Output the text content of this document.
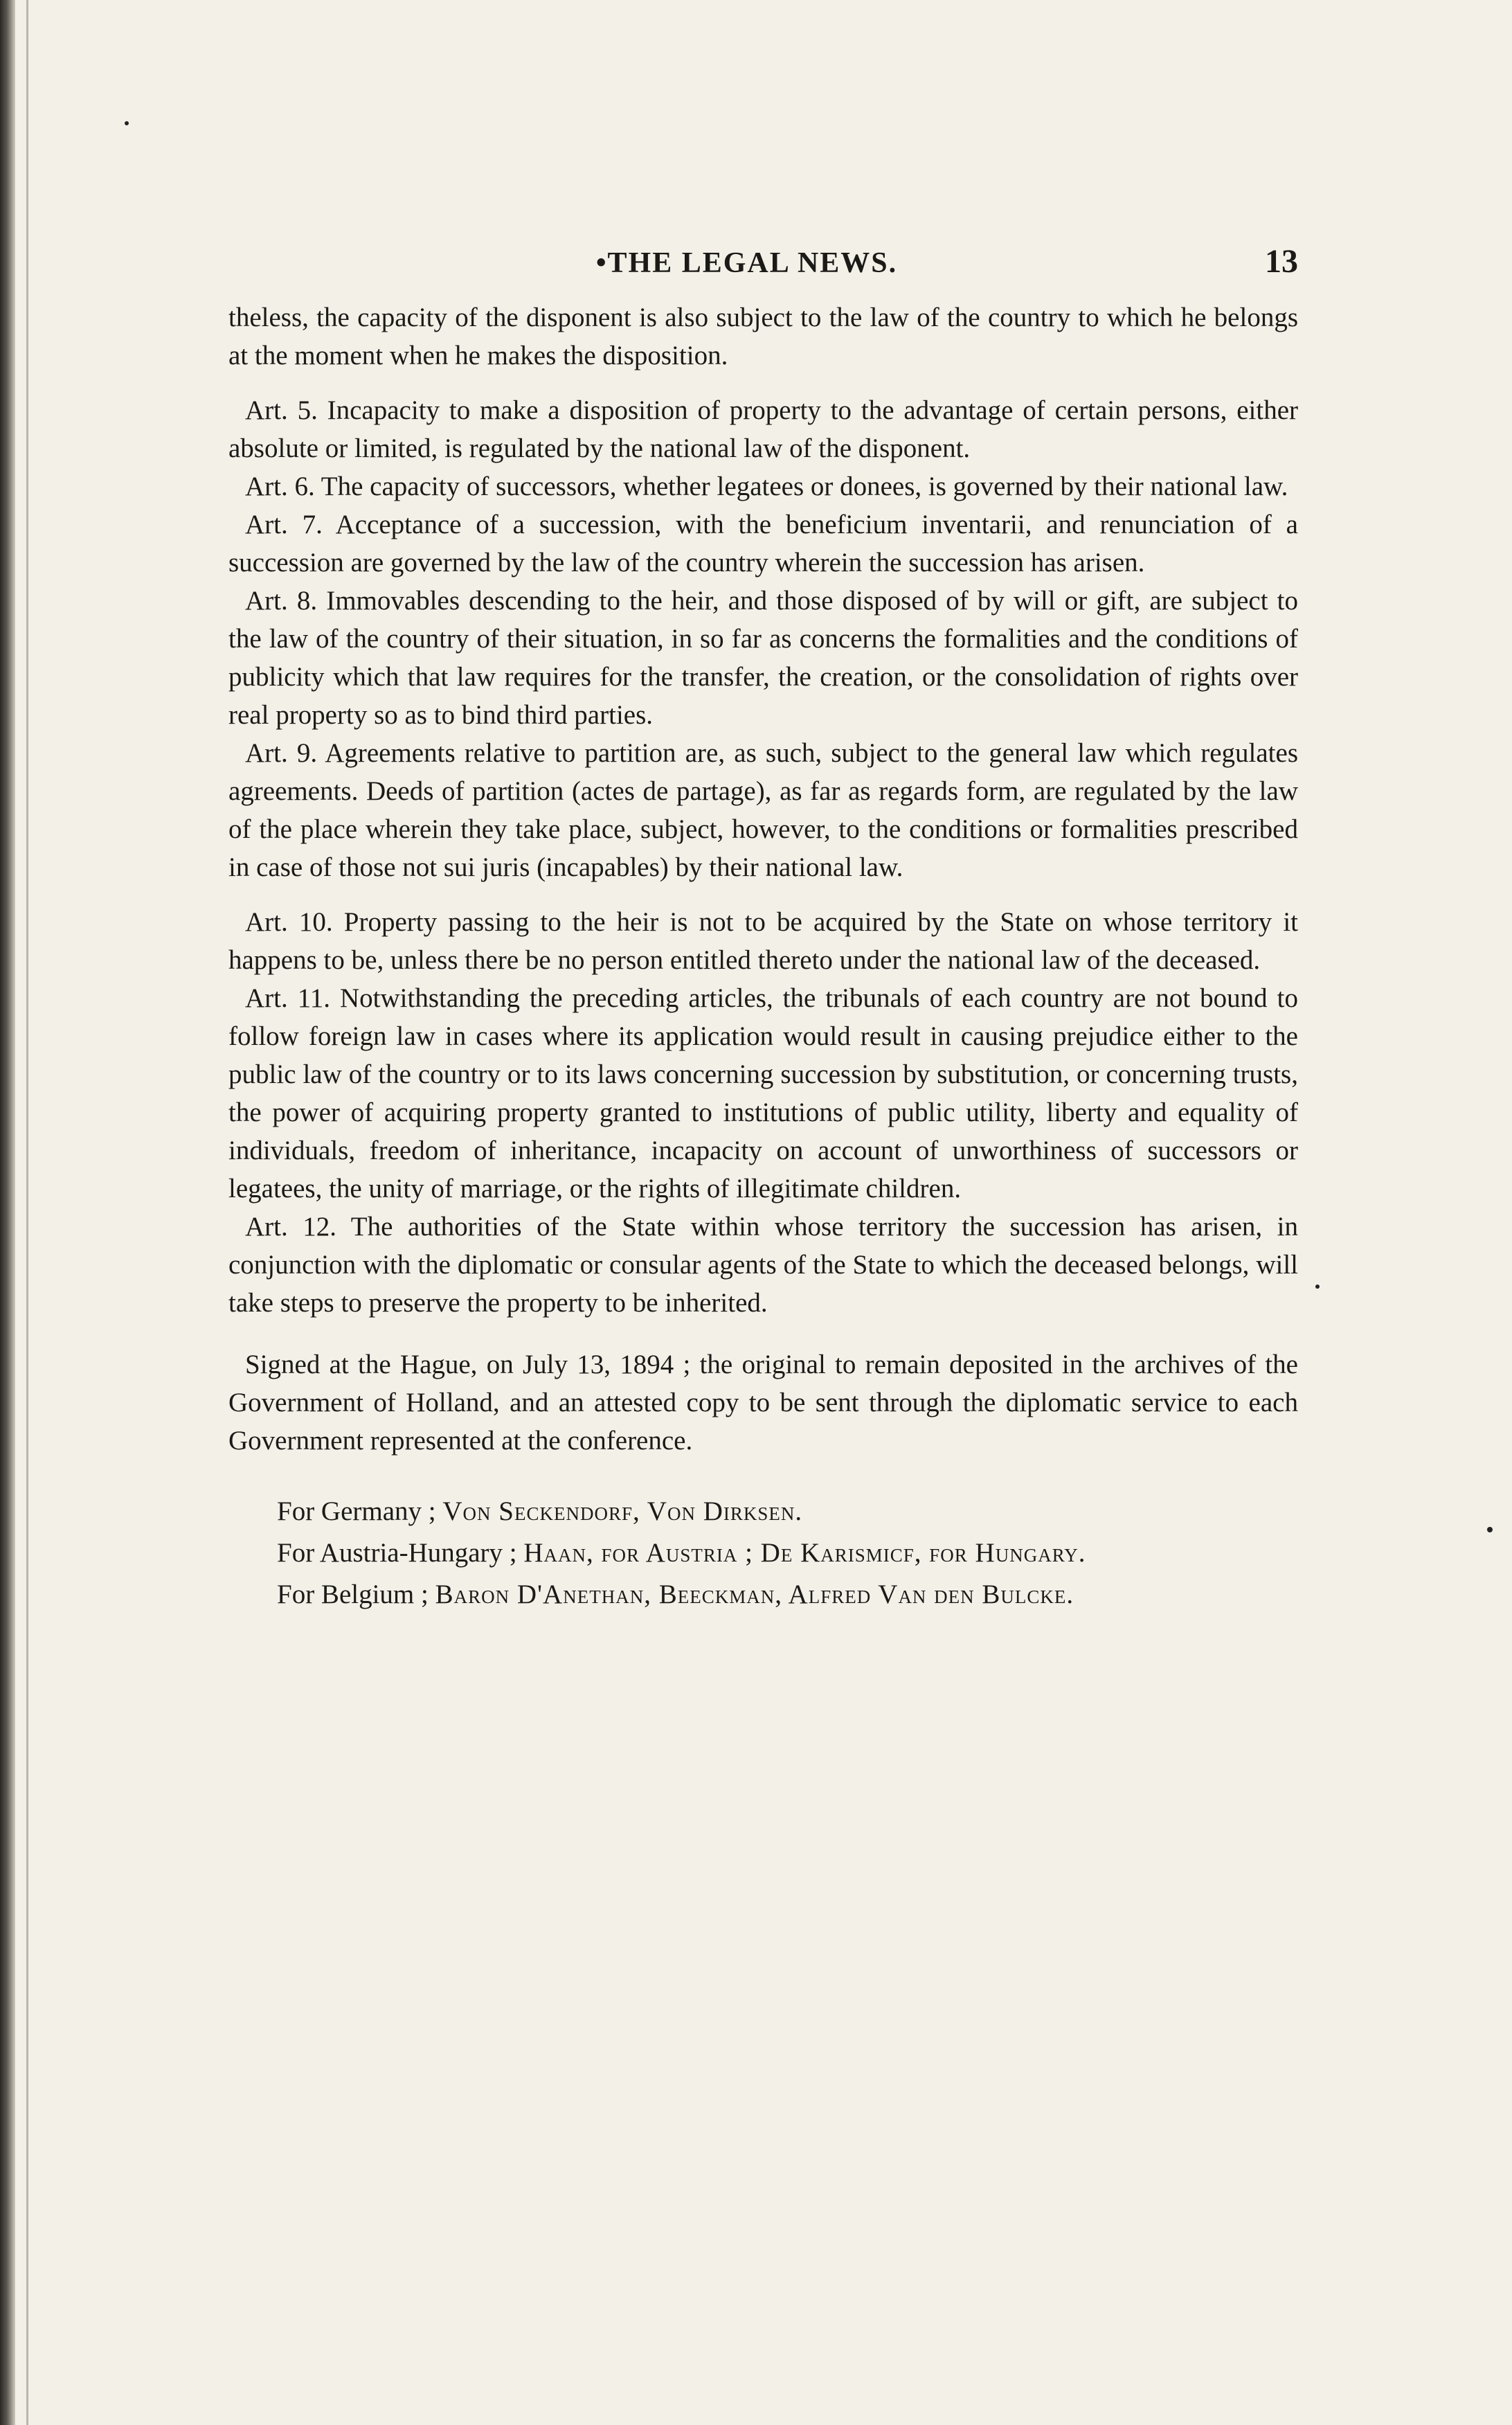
•THE LEGAL NEWS.	13

theless, the capacity of the disponent is also subject to the law of the country to which he belongs at the moment when he makes the disposition.

Art. 5. Incapacity to make a disposition of property to the advantage of certain persons, either absolute or limited, is regulated by the national law of the disponent.

Art. 6. The capacity of successors, whether legatees or donees, is governed by their national law.

Art. 7. Acceptance of a succession, with the beneficium inventarii, and renunciation of a succession are governed by the law of the country wherein the succession has arisen.

Art. 8. Immovables descending to the heir, and those disposed of by will or gift, are subject to the law of the country of their situation, in so far as concerns the formalities and the conditions of publicity which that law requires for the transfer, the creation, or the consolidation of rights over real property so as to bind third parties.

Art. 9. Agreements relative to partition are, as such, subject to the general law which regulates agreements. Deeds of partition (actes de partage), as far as regards form, are regulated by the law of the place wherein they take place, subject, however, to the conditions or formalities prescribed in case of those not sui juris (incapables) by their national law.

Art. 10. Property passing to the heir is not to be acquired by the State on whose territory it happens to be, unless there be no person entitled thereto under the national law of the deceased.

Art. 11. Notwithstanding the preceding articles, the tribunals of each country are not bound to follow foreign law in cases where its application would result in causing prejudice either to the public law of the country or to its laws concerning succession by substitution, or concerning trusts, the power of acquiring property granted to institutions of public utility, liberty and equality of individuals, freedom of inheritance, incapacity on account of unworthiness of successors or legatees, the unity of marriage, or the rights of illegitimate children.

Art. 12. The authorities of the State within whose territory the succession has arisen, in conjunction with the diplomatic or consular agents of the State to which the deceased belongs, will take steps to preserve the property to be inherited.

Signed at the Hague, on July 13, 1894 ; the original to remain deposited in the archives of the Government of Holland, and an attested copy to be sent through the diplomatic service to each Government represented at the conference.

For Germany ; Von Seckendorf, Von Dirksen.
For Austria-Hungary ; Haan, for Austria ; De Karismicf, for Hungary.
For Belgium ; Baron D'Anethan, Beeckman, Alfred Van den Bulcke.
